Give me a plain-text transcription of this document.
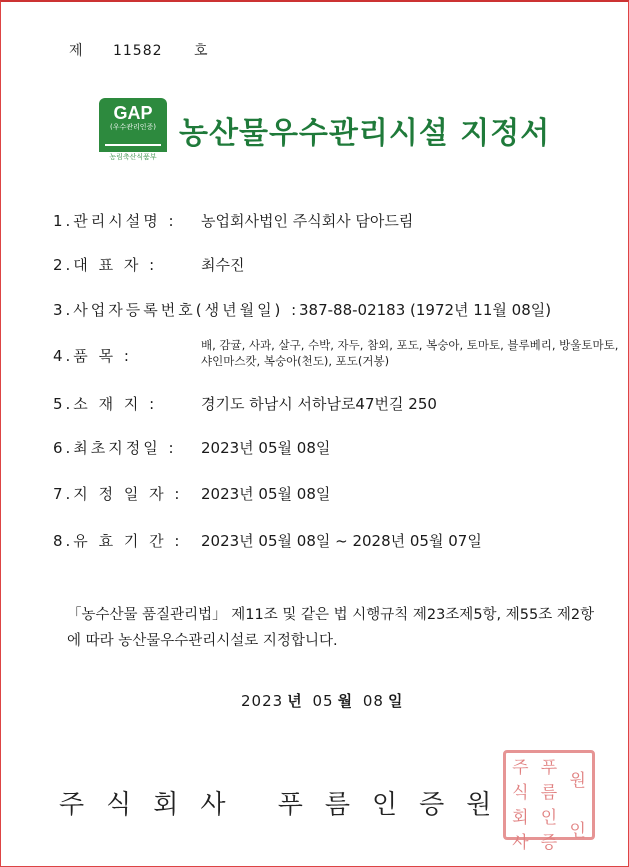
제 11582 호
GAP
(우수관리인증)
농림축산식품부
농산물우수관리시설 지정서
1.관리시설명 : 농업회사법인 주식회사 담아드림
2.대 표 자 :	최수진
3.사업자등록번호(생년월일) : 387-88-02183 (1972년 11월 08일)
4.품 목 :
배, 감귤, 사과, 살구, 수박, 자두, 참외, 포도, 복숭아, 토마토, 블루베리, 방울토마토, 샤인마스캇, 복숭아(천도), 포도(거봉)
5.소 재 지 :	경기도 하남시 서하남로47번길 250
6.최초지정일 : 2023년 05월 08일
7.지 정 일 자 : 2023년 05월 08일
8.유 효 기 간 : 2023년 05월 08일 ~ 2028년 05월 07일
「농수산물 품질관리법」 제11조 및 같은 법 시행규칙 제23조제5항, 제55조 제2항에 따라 농산물우수관리시설로 지정합니다.
2023 년 05 월 08 일
주식회사 푸름인증원
주식
푸름
원
회사
인증
인
